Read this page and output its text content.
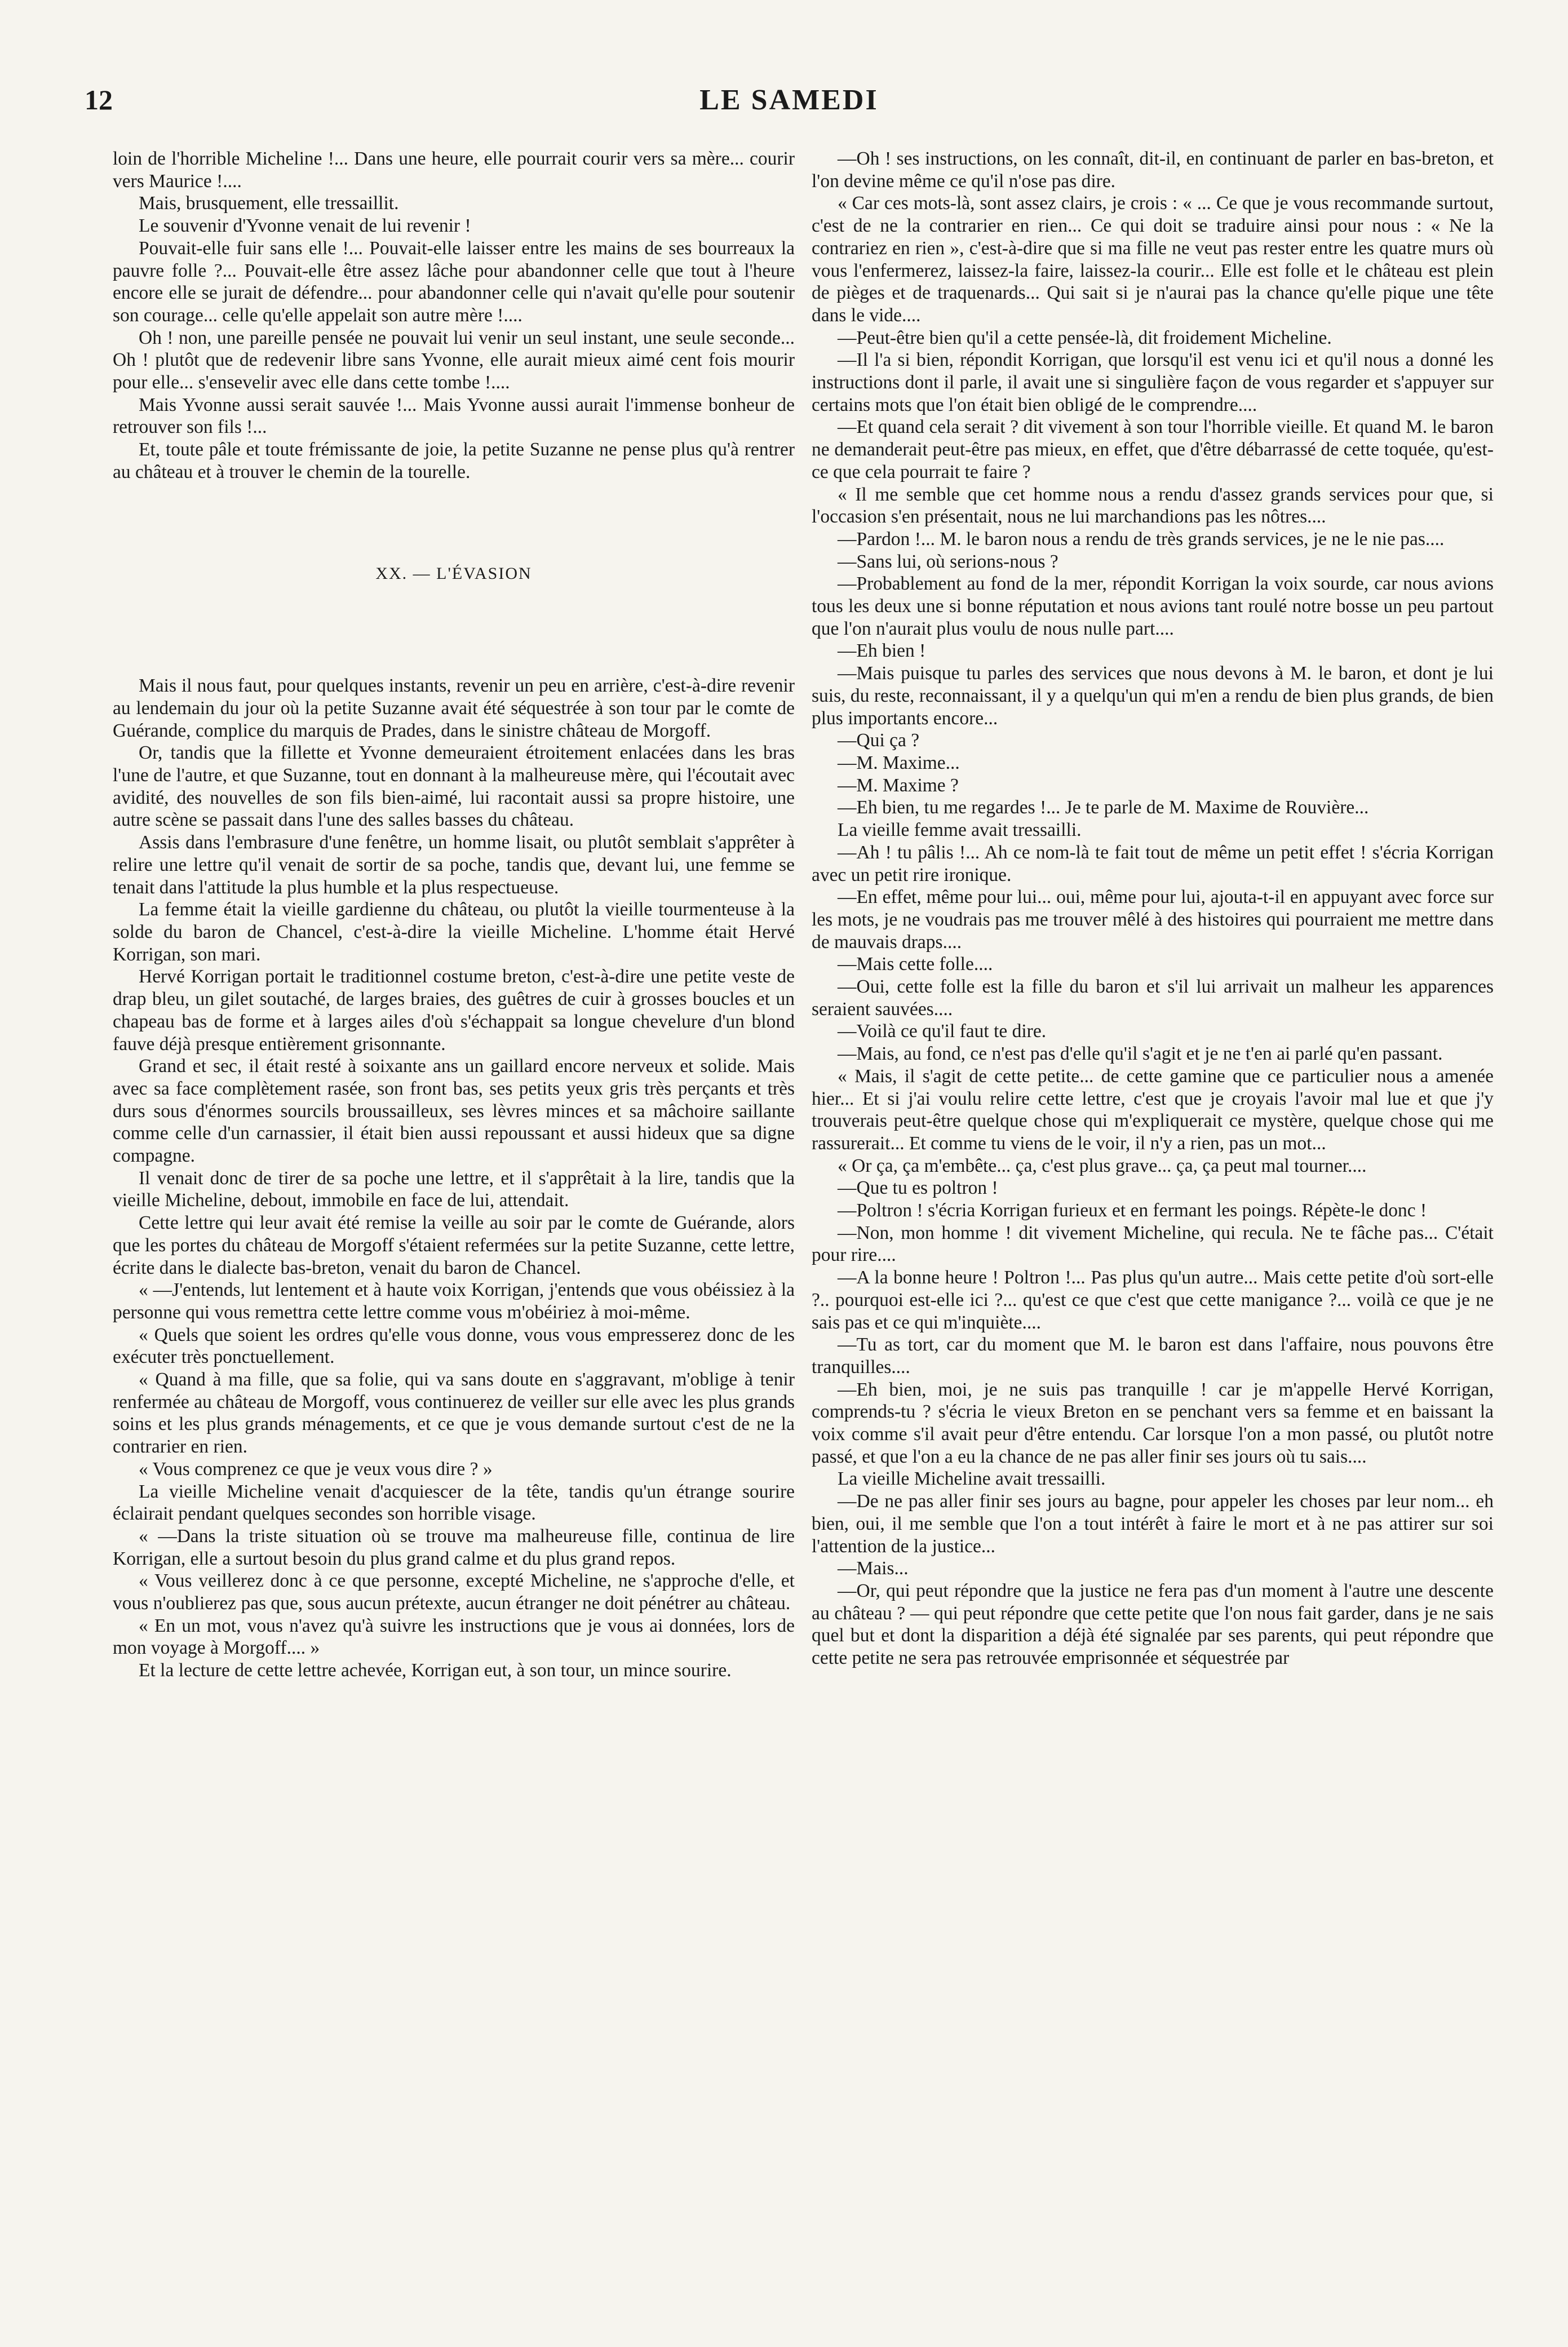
12	LE SAMEDI

loin de l'horrible Micheline !... Dans une heure, elle pourrait courir vers sa mère... courir vers Maurice !....

Mais, brusquement, elle tressaillit.

Le souvenir d'Yvonne venait de lui revenir !

Pouvait-elle fuir sans elle !... Pouvait-elle laisser entre les mains de ses bourreaux la pauvre folle ?... Pouvait-elle être assez lâche pour abandonner celle que tout à l'heure encore elle se jurait de défendre... pour abandonner celle qui n'avait qu'elle pour soutenir son courage... celle qu'elle appelait son autre mère !....

Oh ! non, une pareille pensée ne pouvait lui venir un seul instant, une seule seconde... Oh ! plutôt que de redevenir libre sans Yvonne, elle aurait mieux aimé cent fois mourir pour elle... s'ensevelir avec elle dans cette tombe !....

Mais Yvonne aussi serait sauvée !... Mais Yvonne aussi aurait l'immense bonheur de retrouver son fils !...

Et, toute pâle et toute frémissante de joie, la petite Suzanne ne pense plus qu'à rentrer au château et à trouver le chemin de la tourelle.

XX. — L'ÉVASION

Mais il nous faut, pour quelques instants, revenir un peu en arrière, c'est-à-dire revenir au lendemain du jour où la petite Suzanne avait été séquestrée à son tour par le comte de Guérande, complice du marquis de Prades, dans le sinistre château de Morgoff.

Or, tandis que la fillette et Yvonne demeuraient étroitement enlacées dans les bras l'une de l'autre, et que Suzanne, tout en donnant à la malheureuse mère, qui l'écoutait avec avidité, des nouvelles de son fils bien-aimé, lui racontait aussi sa propre histoire, une autre scène se passait dans l'une des salles basses du château.

Assis dans l'embrasure d'une fenêtre, un homme lisait, ou plutôt semblait s'apprêter à relire une lettre qu'il venait de sortir de sa poche, tandis que, devant lui, une femme se tenait dans l'attitude la plus humble et la plus respectueuse.

La femme était la vieille gardienne du château, ou plutôt la vieille tourmenteuse à la solde du baron de Chancel, c'est-à-dire la vieille Micheline. L'homme était Hervé Korrigan, son mari.

Hervé Korrigan portait le traditionnel costume breton, c'est-à-dire une petite veste de drap bleu, un gilet soutaché, de larges braies, des guêtres de cuir à grosses boucles et un chapeau bas de forme et à larges ailes d'où s'échappait sa longue chevelure d'un blond fauve déjà presque entièrement grisonnante.

Grand et sec, il était resté à soixante ans un gaillard encore nerveux et solide. Mais avec sa face complètement rasée, son front bas, ses petits yeux gris très perçants et très durs sous d'énormes sourcils broussailleux, ses lèvres minces et sa mâchoire saillante comme celle d'un carnassier, il était bien aussi repoussant et aussi hideux que sa digne compagne.

Il venait donc de tirer de sa poche une lettre, et il s'apprêtait à la lire, tandis que la vieille Micheline, debout, immobile en face de lui, attendait.

Cette lettre qui leur avait été remise la veille au soir par le comte de Guérande, alors que les portes du château de Morgoff s'étaient refermées sur la petite Suzanne, cette lettre, écrite dans le dialecte bas-breton, venait du baron de Chancel.

« —J'entends, lut lentement et à haute voix Korrigan, j'entends que vous obéissiez à la personne qui vous remettra cette lettre comme vous m'obéiriez à moi-même.

« Quels que soient les ordres qu'elle vous donne, vous vous empresserez donc de les exécuter très ponctuellement.

« Quand à ma fille, que sa folie, qui va sans doute en s'aggravant, m'oblige à tenir renfermée au château de Morgoff, vous continuerez de veiller sur elle avec les plus grands soins et les plus grands ménagements, et ce que je vous demande surtout c'est de ne la contrarier en rien.

« Vous comprenez ce que je veux vous dire ? »

La vieille Micheline venait d'acquiescer de la tête, tandis qu'un étrange sourire éclairait pendant quelques secondes son horrible visage.

« —Dans la triste situation où se trouve ma malheureuse fille, continua de lire Korrigan, elle a surtout besoin du plus grand calme et du plus grand repos.

« Vous veillerez donc à ce que personne, excepté Micheline, ne s'approche d'elle, et vous n'oublierez pas que, sous aucun prétexte, aucun étranger ne doit pénétrer au château.

« En un mot, vous n'avez qu'à suivre les instructions que je vous ai données, lors de mon voyage à Morgoff.... »

Et la lecture de cette lettre achevée, Korrigan eut, à son tour, un mince sourire.

—Oh ! ses instructions, on les connaît, dit-il, en continuant de parler en bas-breton, et l'on devine même ce qu'il n'ose pas dire.

« Car ces mots-là, sont assez clairs, je crois : « ... Ce que je vous recommande surtout, c'est de ne la contrarier en rien... Ce qui doit se traduire ainsi pour nous : « Ne la contrariez en rien », c'est-à-dire que si ma fille ne veut pas rester entre les quatre murs où vous l'enfermerez, laissez-la faire, laissez-la courir... Elle est folle et le château est plein de pièges et de traquenards... Qui sait si je n'aurai pas la chance qu'elle pique une tête dans le vide....

—Peut-être bien qu'il a cette pensée-là, dit froidement Micheline.

—Il l'a si bien, répondit Korrigan, que lorsqu'il est venu ici et qu'il nous a donné les instructions dont il parle, il avait une si singulière façon de vous regarder et s'appuyer sur certains mots que l'on était bien obligé de le comprendre....

—Et quand cela serait ? dit vivement à son tour l'horrible vieille. Et quand M. le baron ne demanderait peut-être pas mieux, en effet, que d'être débarrassé de cette toquée, qu'est-ce que cela pourrait te faire ?

« Il me semble que cet homme nous a rendu d'assez grands services pour que, si l'occasion s'en présentait, nous ne lui marchandions pas les nôtres....

—Pardon !... M. le baron nous a rendu de très grands services, je ne le nie pas....

—Sans lui, où serions-nous ?

—Probablement au fond de la mer, répondit Korrigan la voix sourde, car nous avions tous les deux une si bonne réputation et nous avions tant roulé notre bosse un peu partout que l'on n'aurait plus voulu de nous nulle part....

—Eh bien !

—Mais puisque tu parles des services que nous devons à M. le baron, et dont je lui suis, du reste, reconnaissant, il y a quelqu'un qui m'en a rendu de bien plus grands, de bien plus importants encore...

—Qui ça ?

—M. Maxime...

—M. Maxime ?

—Eh bien, tu me regardes !... Je te parle de M. Maxime de Rouvière...

La vieille femme avait tressailli.

—Ah ! tu pâlis !... Ah ce nom-là te fait tout de même un petit effet ! s'écria Korrigan avec un petit rire ironique.

—En effet, même pour lui... oui, même pour lui, ajouta-t-il en appuyant avec force sur les mots, je ne voudrais pas me trouver mêlé à des histoires qui pourraient me mettre dans de mauvais draps....

—Mais cette folle....

—Oui, cette folle est la fille du baron et s'il lui arrivait un malheur les apparences seraient sauvées....

—Voilà ce qu'il faut te dire.

—Mais, au fond, ce n'est pas d'elle qu'il s'agit et je ne t'en ai parlé qu'en passant.

« Mais, il s'agit de cette petite... de cette gamine que ce particulier nous a amenée hier... Et si j'ai voulu relire cette lettre, c'est que je croyais l'avoir mal lue et que j'y trouverais peut-être quelque chose qui m'expliquerait ce mystère, quelque chose qui me rassurerait... Et comme tu viens de le voir, il n'y a rien, pas un mot...

« Or ça, ça m'embête... ça, c'est plus grave... ça, ça peut mal tourner....

—Que tu es poltron !

—Poltron ! s'écria Korrigan furieux et en fermant les poings. Répète-le donc !

—Non, mon homme ! dit vivement Micheline, qui recula. Ne te fâche pas... C'était pour rire....

—A la bonne heure ! Poltron !... Pas plus qu'un autre... Mais cette petite d'où sort-elle ?.. pourquoi est-elle ici ?... qu'est ce que c'est que cette manigance ?... voilà ce que je ne sais pas et ce qui m'inquiète....

—Tu as tort, car du moment que M. le baron est dans l'affaire, nous pouvons être tranquilles....

—Eh bien, moi, je ne suis pas tranquille ! car je m'appelle Hervé Korrigan, comprends-tu ? s'écria le vieux Breton en se penchant vers sa femme et en baissant la voix comme s'il avait peur d'être entendu. Car lorsque l'on a mon passé, ou plutôt notre passé, et que l'on a eu la chance de ne pas aller finir ses jours où tu sais....

La vieille Micheline avait tressailli.

—De ne pas aller finir ses jours au bagne, pour appeler les choses par leur nom... eh bien, oui, il me semble que l'on a tout intérêt à faire le mort et à ne pas attirer sur soi l'attention de la justice...

—Mais...

—Or, qui peut répondre que la justice ne fera pas d'un moment à l'autre une descente au château ? — qui peut répondre que cette petite que l'on nous fait garder, dans je ne sais quel but et dont la disparition a déjà été signalée par ses parents, qui peut répondre que cette petite ne sera pas retrouvée emprisonnée et séquestrée par
